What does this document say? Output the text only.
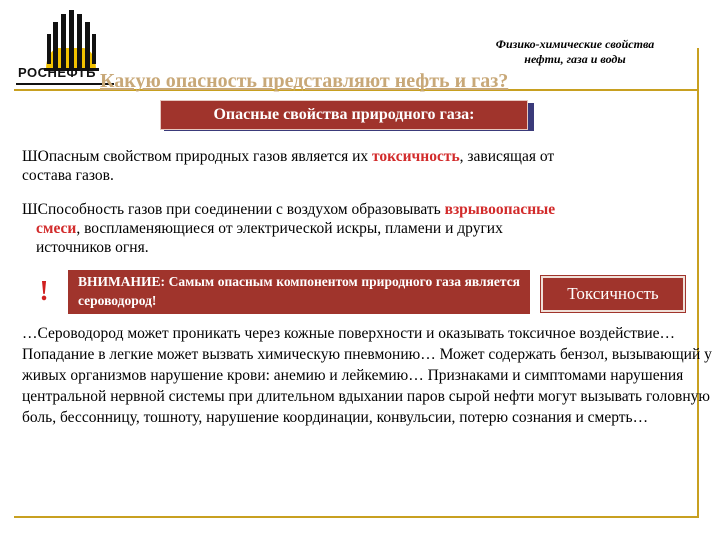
РОСНЕФТЬ
Физико-химические свойства
нефти, газа и воды
Какую опасность представляют нефть и газ?
Опасные свойства природного газа:
ШОпасным свойством природных газов является их токсичность, зависящая от
состава газов.
ШСпособность газов при соединении с воздухом образовывать взрывоопасные
смеси, воспламеняющиеся от электрической искры, пламени и других
источников огня.
!	ВНИМАНИЕ: Самым опасным компонентом природного газа является сероводород!	Токсичность
…Сероводород может проникать через кожные поверхности и оказывать токсичное воздействие… Попадание в легкие может вызвать химическую пневмонию… Может содержать бензол, вызывающий у живых организмов нарушение крови: анемию и лейкемию… Признаками и симптомами нарушения центральной нервной системы при длительном вдыхании паров сырой нефти могут вызывать головную боль, бессонницу, тошноту, нарушение координации, конвульсии, потерю сознания и смерть…
